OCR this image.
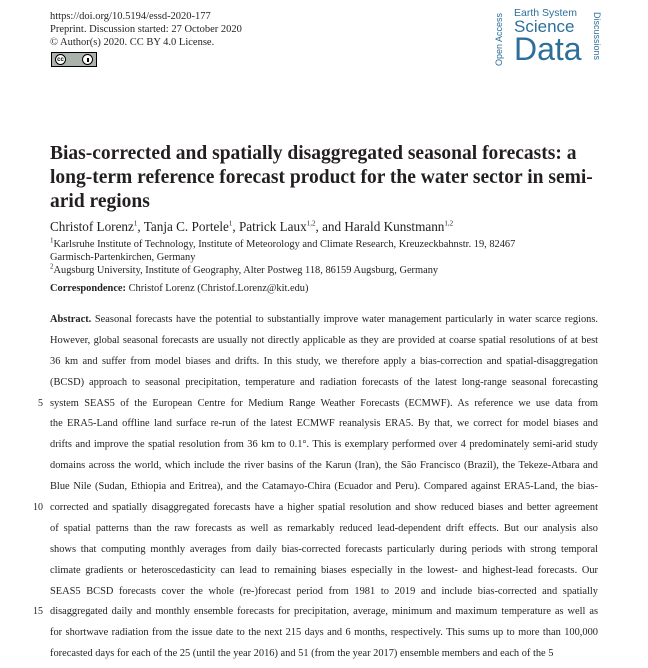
https://doi.org/10.5194/essd-2020-177
Preprint. Discussion started: 27 October 2020
© Author(s) 2020. CC BY 4.0 License.
cc	Open Access Earth System
Science
Data Discussions
Bias-corrected and spatially disaggregated seasonal forecasts: a long-term reference forecast product for the water sector in semi-arid regions
Christof Lorenz$^1$, Tanja C. Portele$^1$, Patrick Laux$^{1,2}$, and Harald Kunstmann$^{1,2}$
$^1$Karlsruhe Institute of Technology, Institute of Meteorology and Climate Research, Kreuzeckbahnstr. 19, 82467
Garmisch-Partenkirchen, Germany
$^2$Augsburg University, Institute of Geography, Alter Postweg 118, 86159 Augsburg, Germany
Correspondence: Christof Lorenz (Christof.Lorenz@kit.edu)
Abstract. Seasonal forecasts have the potential to substantially improve water management particularly in water scarce regions.
However, global seasonal forecasts are usually not directly applicable as they are provided at coarse spatial resolutions of at best
36 km and suffer from model biases and drifts. In this study, we therefore apply a bias-correction and spatial-disaggregation
(BCSD) approach to seasonal precipitation, temperature and radiation forecasts of the latest long-range seasonal forecasting
5 system SEAS5 of the European Centre for Medium Range Weather Forecasts (ECMWF). As reference we use data from
the ERA5-Land offline land surface re-run of the latest ECMWF reanalysis ERA5. By that, we correct for model biases and
drifts and improve the spatial resolution from 36 km to 0.1°. This is exemplary performed over 4 predominately semi-arid study
domains across the world, which include the river basins of the Karun (Iran), the São Francisco (Brazil), the Tekeze-Atbara and
Blue Nile (Sudan, Ethiopia and Eritrea), and the Catamayo-Chira (Ecuador and Peru). Compared against ERA5-Land, the bias-
10 corrected and spatially disaggregated forecasts have a higher spatial resolution and show reduced biases and better agreement
of spatial patterns than the raw forecasts as well as remarkably reduced lead-dependent drift effects. But our analysis also
shows that computing monthly averages from daily bias-corrected forecasts particularly during periods with strong temporal
climate gradients or heteroscedasticity can lead to remaining biases especially in the lowest- and highest-lead forecasts. Our
SEAS5 BCSD forecasts cover the whole (re-)forecast period from 1981 to 2019 and include bias-corrected and spatially
15 disaggregated daily and monthly ensemble forecasts for precipitation, average, minimum and maximum temperature as well as
for shortwave radiation from the issue date to the next 215 days and 6 months, respectively. This sums up to more than 100,000
forecasted days for each of the 25 (until the year 2016) and 51 (from the year 2017) ensemble members and each of the 5
